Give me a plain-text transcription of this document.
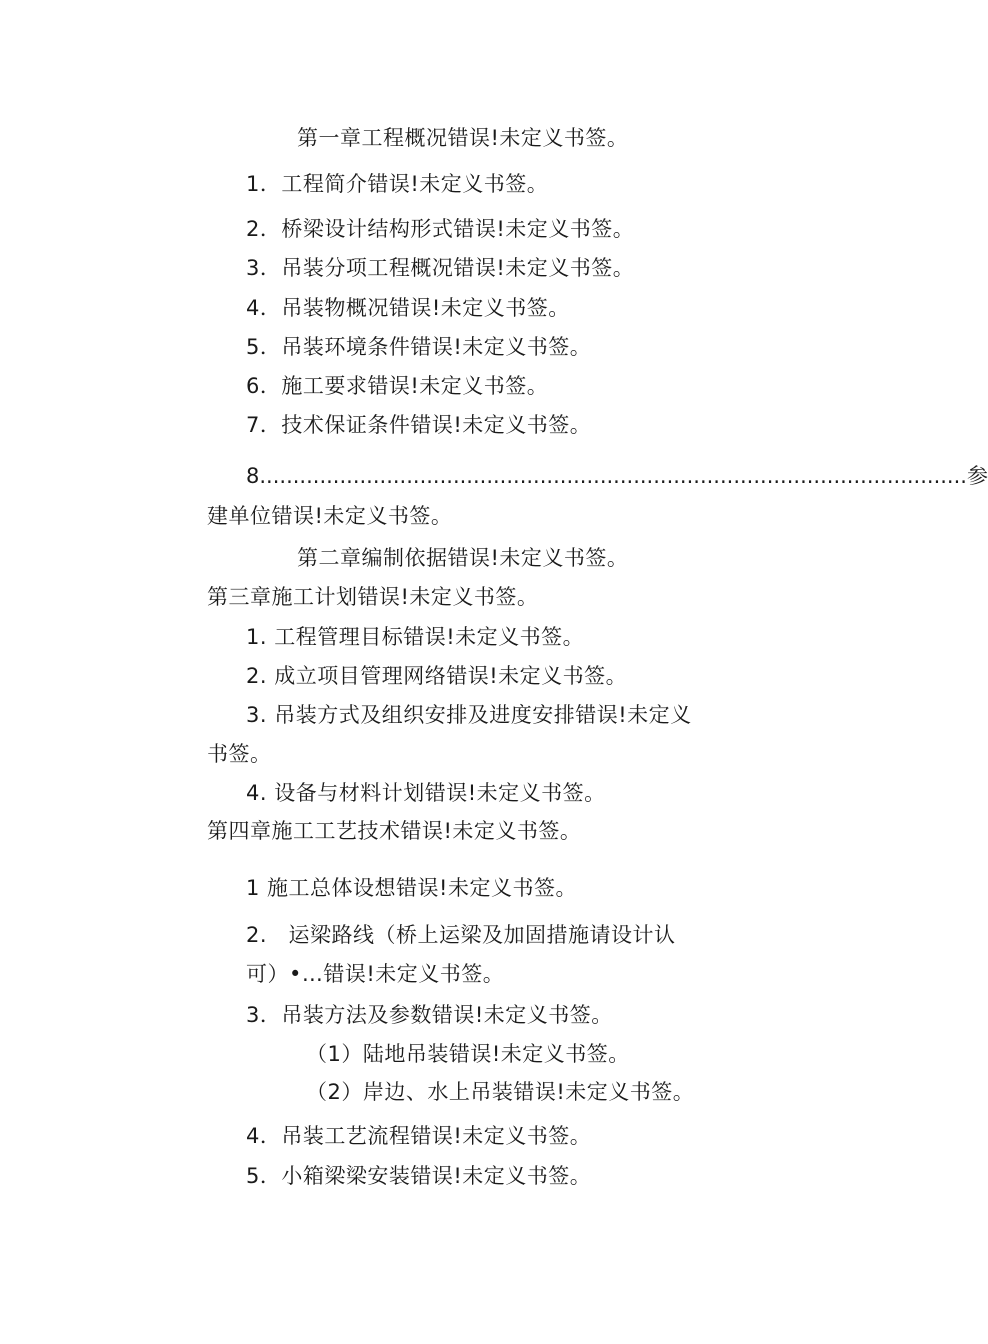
第一章工程概况错误!未定义书签。
1．工程简介错误!未定义书签。
2．桥梁设计结构形式错误!未定义书签。
3．吊装分项工程概况错误!未定义书签。
4．吊装物概况错误!未定义书签。
5．吊装环境条件错误!未定义书签。
6．施工要求错误!未定义书签。
7．技术保证条件错误!未定义书签。
8 .......................................................................................................... 参
建单位错误!未定义书签。
第二章编制依据错误!未定义书签。
第三章施工计划错误!未定义书签。
1. 工程管理目标错误!未定义书签。
2. 成立项目管理网络错误!未定义书签。
3. 吊装方式及组织安排及进度安排错误!未定义
书签。
4. 设备与材料计划错误!未定义书签。
第四章施工工艺技术错误!未定义书签。
1 施工总体设想错误!未定义书签。
2.　运梁路线（桥上运梁及加固措施请设计认
可）•…错误!未定义书签。
3．吊装方法及参数错误!未定义书签。
（1）陆地吊装错误!未定义书签。
（2）岸边、水上吊装错误!未定义书签。
4．吊装工艺流程错误!未定义书签。
5．小箱梁梁安装错误!未定义书签。
